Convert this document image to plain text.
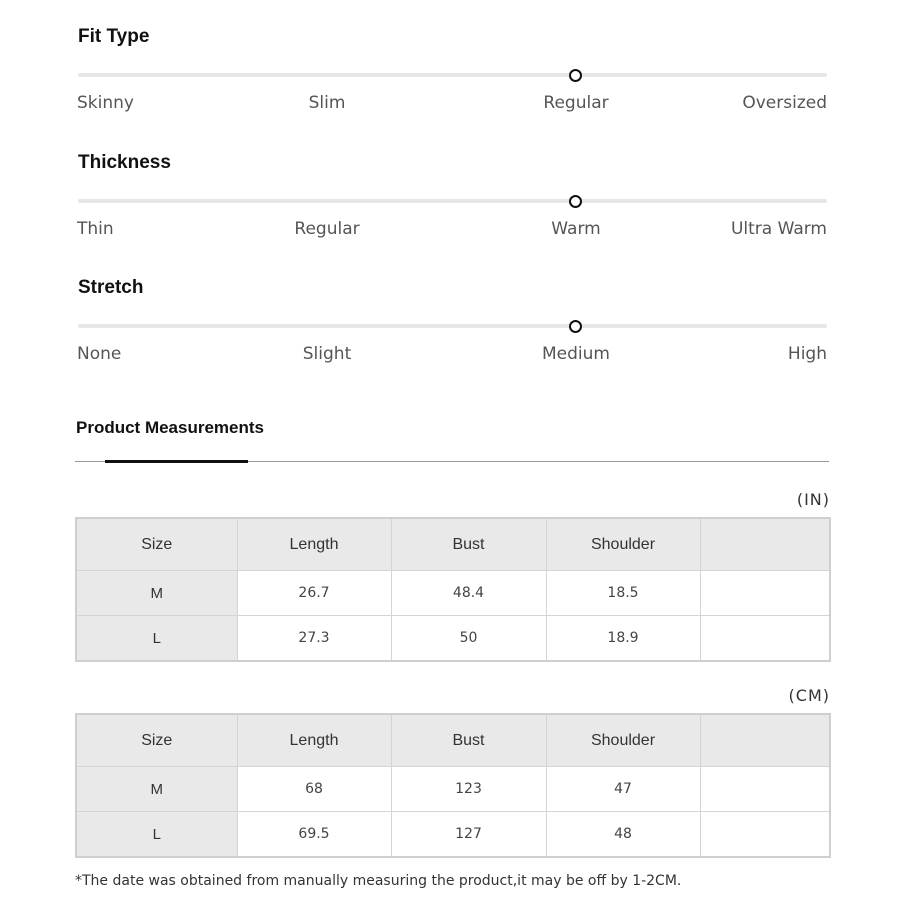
Fit Type
Skinny	Slim	Regular	Oversized
Thickness
Thin	Regular	Warm	Ultra Warm
Stretch
None	Slight	Medium	High
Product Measurements
(IN)
Size	Length	Bust	Shoulder	
M	26.7	48.4	18.5	
L	27.3	50	18.9	
(CM)
Size	Length	Bust	Shoulder	
M	68	123	47	
L	69.5	127	48	
*The date was obtained from manually measuring the product,it may be off by 1-2CM.
